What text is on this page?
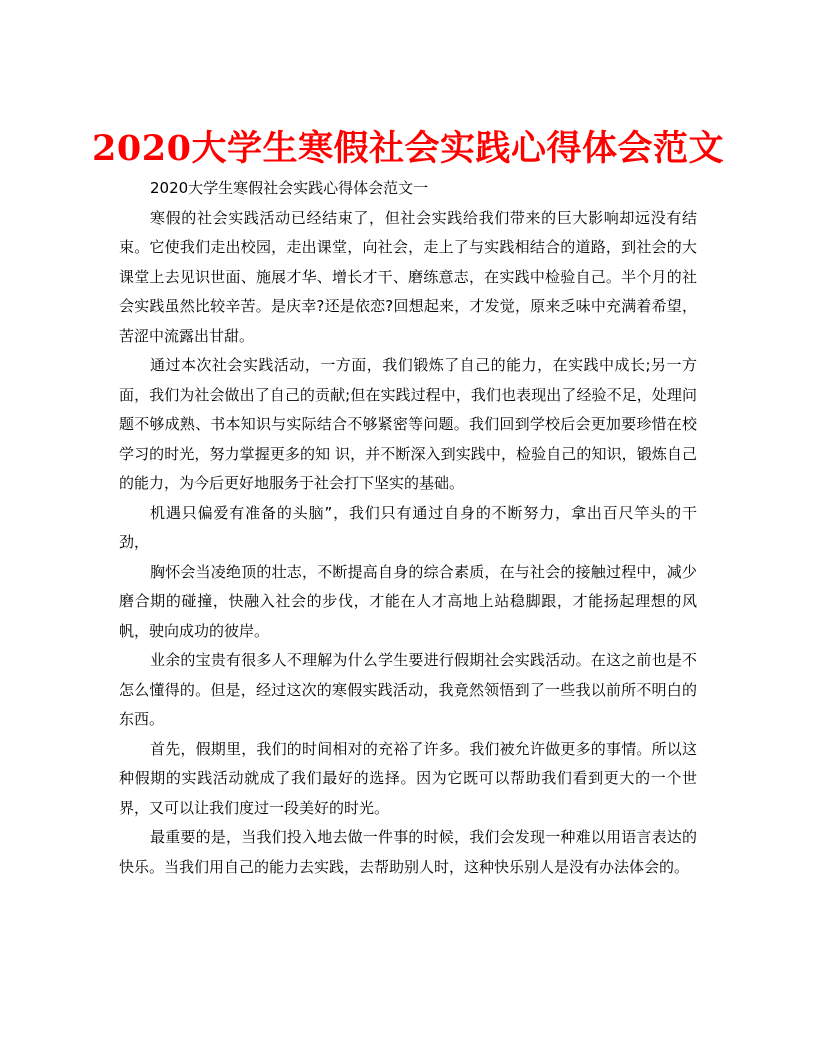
2020大学生寒假社会实践心得体会范文

2020大学生寒假社会实践心得体会范文一

寒假的社会实践活动已经结束了，但社会实践给我们带来的巨大影响却远没有结束。它使我们走出校园，走出课堂，向社会，走上了与实践相结合的道路，到社会的大课堂上去见识世面、施展才华、增长才干、磨练意志，在实践中检验自己。半个月的社会实践虽然比较辛苦。是庆幸?还是依恋?回想起来，才发觉，原来乏味中充满着希望，苦涩中流露出甘甜。

通过本次社会实践活动，一方面，我们锻炼了自己的能力，在实践中成长;另一方面，我们为社会做出了自己的贡献;但在实践过程中，我们也表现出了经验不足，处理问题不够成熟、书本知识与实际结合不够紧密等问题。我们回到学校后会更加要珍惜在校学习的时光，努力掌握更多的知 识，并不断深入到实践中，检验自己的知识，锻炼自己的能力，为今后更好地服务于社会打下坚实的基础。

机遇只偏爱有准备的头脑”，我们只有通过自身的不断努力，拿出百尺竿头的干劲，

胸怀会当凌绝顶的壮志，不断提高自身的综合素质，在与社会的接触过程中，减少磨合期的碰撞，快融入社会的步伐，才能在人才高地上站稳脚跟，才能扬起理想的风帆，驶向成功的彼岸。

业余的宝贵有很多人不理解为什么学生要进行假期社会实践活动。在这之前也是不怎么懂得的。但是，经过这次的寒假实践活动，我竟然领悟到了一些我以前所不明白的东西。

首先，假期里，我们的时间相对的充裕了许多。我们被允许做更多的事情。所以这种假期的实践活动就成了我们最好的选择。因为它既可以帮助我们看到更大的一个世界，又可以让我们度过一段美好的时光。

最重要的是，当我们投入地去做一件事的时候，我们会发现一种难以用语言表达的快乐。当我们用自己的能力去实践，去帮助别人时，这种快乐别人是没有办法体会的。
